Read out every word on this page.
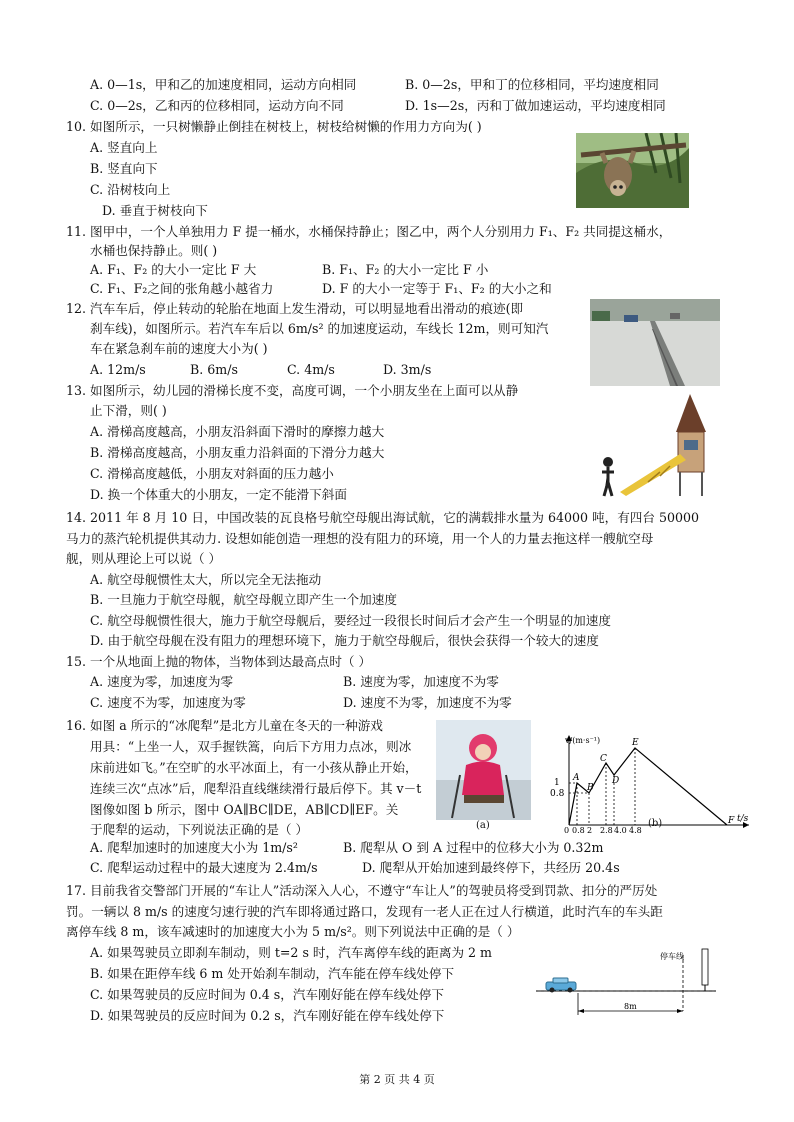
A. 0—1s，甲和乙的加速度相同，运动方向相同	B. 0—2s，甲和丁的位移相同，平均速度相同
C. 0—2s，乙和丙的位移相同，运动方向不同	D. 1s—2s，丙和丁做加速运动，平均速度相同
10. 如图所示，一只树懒静止倒挂在树枝上，树枝给树懒的作用力方向为( )
A. 竖直向上
B. 竖直向下
C. 沿树枝向上
D. 垂直于树枝向下
11. 图甲中，一个人单独用力 F 提一桶水，水桶保持静止；图乙中，两个人分别用力 F₁、F₂ 共同提这桶水，
水桶也保持静止。则( )
A. F₁、F₂ 的大小一定比 F 大	B. F₁、F₂ 的大小一定比 F 小
C. F₁、F₂之间的张角越小越省力	D. F 的大小一定等于 F₁、F₂ 的大小之和
12. 汽车车后，停止转动的轮胎在地面上发生滑动，可以明显地看出滑动的痕迹(即
刹车线)，如图所示。若汽车车后以 6m/s² 的加速度运动，车线长 12m，则可知汽
车在紧急刹车前的速度大小为( )
A. 12m/s	B. 6m/s	C. 4m/s	D. 3m/s
13. 如图所示，幼儿园的滑梯长度不变，高度可调，一个小朋友坐在上面可以从静
止下滑，则( )
A. 滑梯高度越高，小朋友沿斜面下滑时的摩擦力越大
B. 滑梯高度越高，小朋友重力沿斜面的下滑分力越大
C. 滑梯高度越低，小朋友对斜面的压力越小
D. 换一个体重大的小朋友，一定不能滑下斜面
14. 2011 年 8 月 10 日，中国改装的瓦良格号航空母舰出海试航，它的满载排水量为 64000 吨，有四台 50000
马力的蒸汽轮机提供其动力. 设想如能创造一理想的没有阻力的环境，用一个人的力量去拖这样一艘航空母
舰，则从理论上可以说（ ）
A. 航空母舰惯性太大，所以完全无法拖动
B. 一旦施力于航空母舰，航空母舰立即产生一个加速度
C. 航空母舰惯性很大，施力于航空母舰后，要经过一段很长时间后才会产生一个明显的加速度
D. 由于航空母舰在没有阻力的理想环境下，施力于航空母舰后，很快会获得一个较大的速度
15. 一个从地面上抛的物体，当物体到达最高点时（ ）
A. 速度为零，加速度为零	B. 速度为零，加速度不为零
C. 速度不为零，加速度为零	D. 速度不为零，加速度不为零
16. 如图 a 所示的“冰爬犁”是北方儿童在冬天的一种游戏
用具：“上坐一人，双手握铁篙，向后下方用力点冰，则冰
床前进如飞。”在空旷的水平冰面上，有一小孩从静止开始，
连续三次“点冰”后，爬犁沿直线继续滑行最后停下。其 v－t
图像如图 b 所示，图中 OA∥BC∥DE，AB∥CD∥EF。关
于爬犁的运动，下列说法正确的是（ ）
A. 爬犁加速时的加速度大小为 1m/s²	B. 爬犁从 O 到 A 过程中的位移大小为 0.32m
C. 爬犁运动过程中的最大速度为 2.4m/s	D. 爬犁从开始加速到最终停下，共经历 20.4s
17. 目前我省交警部门开展的“车让人”活动深入人心，不遵守“车让人”的驾驶员将受到罚款、扣分的严厉处
罚。一辆以 8 m/s 的速度匀速行驶的汽车即将通过路口，发现有一老人正在过人行横道，此时汽车的车头距
离停车线 8 m，该车减速时的加速度大小为 5 m/s²。则下列说法中正确的是（ ）
A. 如果驾驶员立即刹车制动，则 t=2 s 时，汽车离停车线的距离为 2 m
B. 如果在距停车线 6 m 处开始刹车制动，汽车能在停车线处停下
C. 如果驾驶员的反应时间为 0.4 s，汽车刚好能在停车线处停下
D. 如果驾驶员的反应时间为 0.2 s，汽车刚好能在停车线处停下
(a)
v/(m·s⁻¹)
t/s
1
0.8
0 0.8 2 2.8 4.0 4.8
A
B
C
D
E
F
(b)
停车线
8m
第 2 页 共 4 页
